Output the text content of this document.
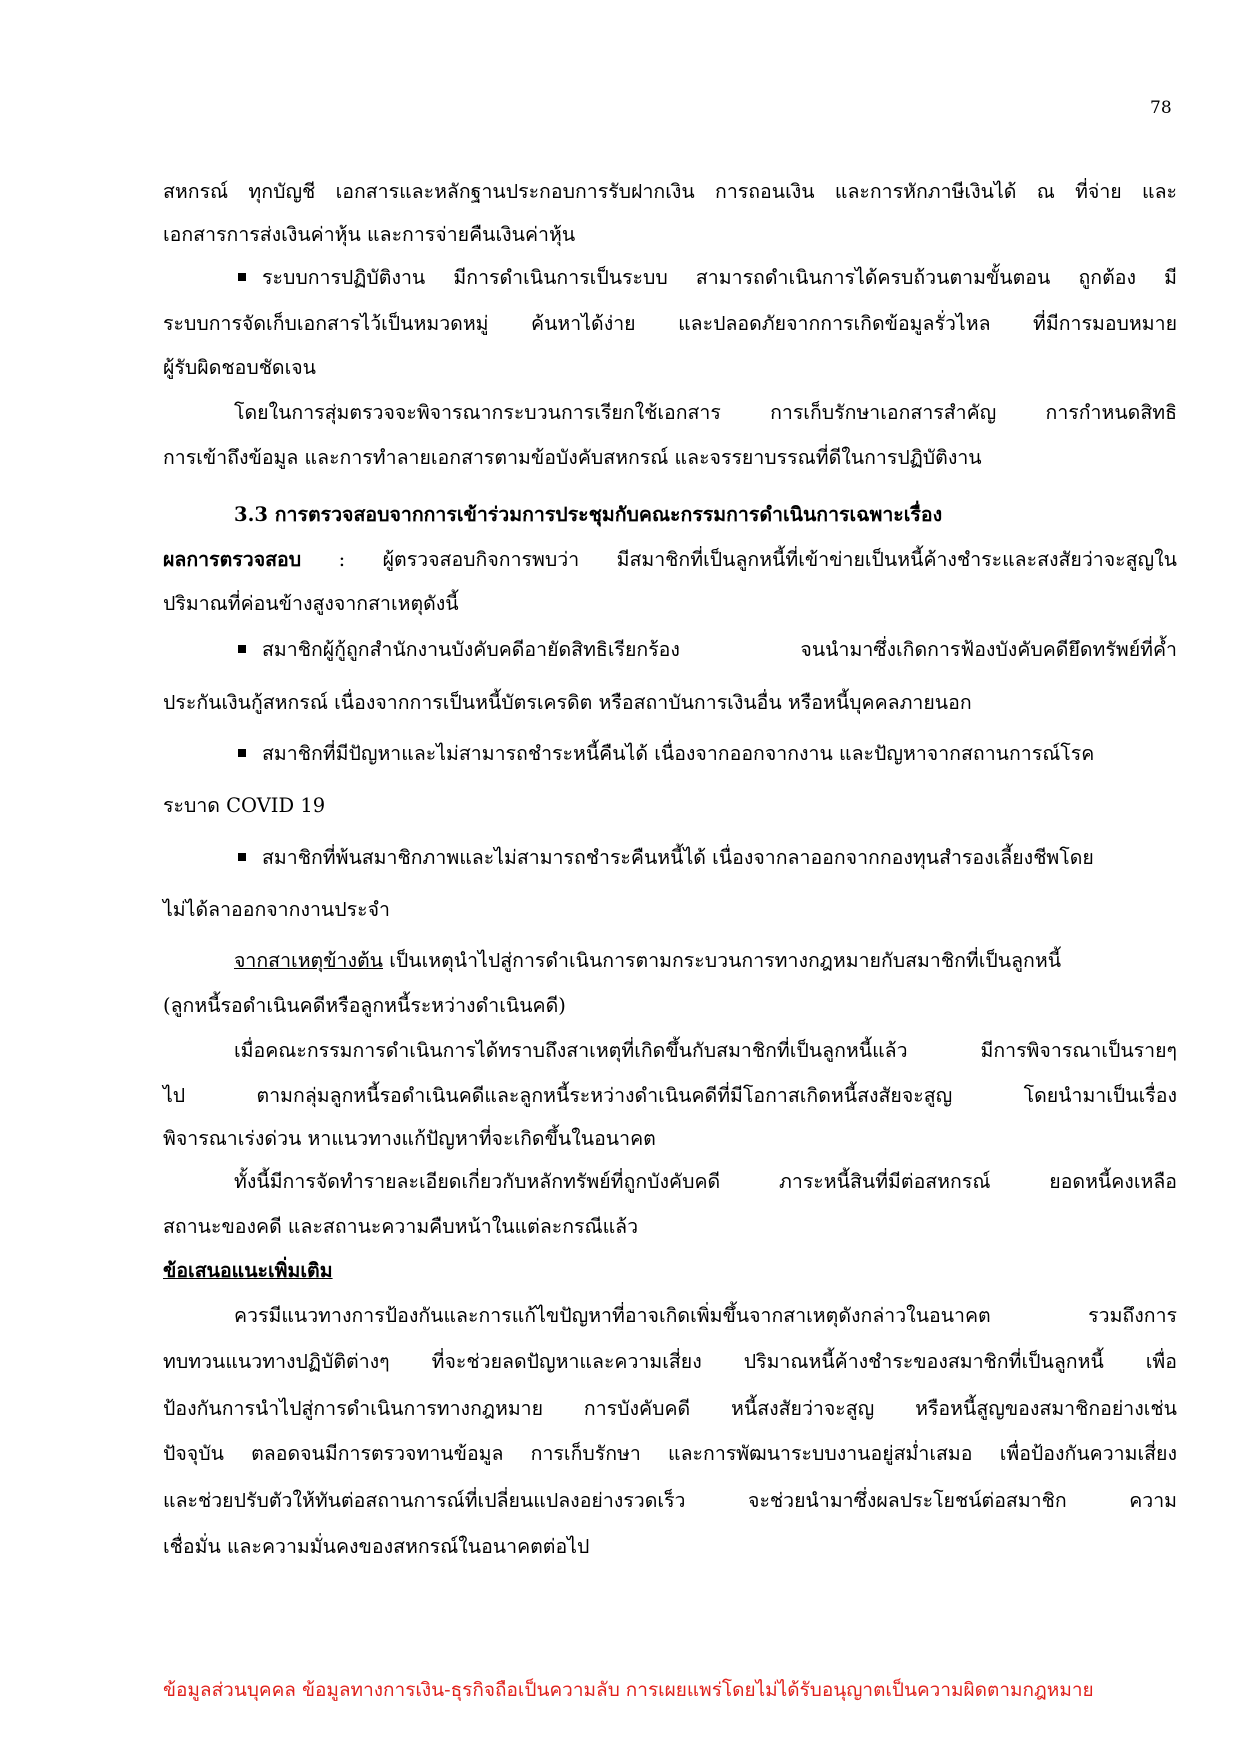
78
สหกรณ์ ทุกบัญชี เอกสารและหลักฐานประกอบการรับฝากเงิน การถอนเงิน และการหักภาษีเงินได้ ณ ที่จ่าย และ
เอกสารการส่งเงินค่าหุ้น และการจ่ายคืนเงินค่าหุ้น
ระบบการปฏิบัติงาน มีการดำเนินการเป็นระบบ สามารถดำเนินการได้ครบถ้วนตามขั้นตอน ถูกต้อง มี
ระบบการจัดเก็บเอกสารไว้เป็นหมวดหมู่ ค้นหาได้ง่าย และปลอดภัยจากการเกิดข้อมูลรั่วไหล ที่มีการมอบหมาย
ผู้รับผิดชอบชัดเจน
โดยในการสุ่มตรวจจะพิจารณากระบวนการเรียกใช้เอกสาร การเก็บรักษาเอกสารสำคัญ การกำหนดสิทธิ
การเข้าถึงข้อมูล และการทำลายเอกสารตามข้อบังคับสหกรณ์ และจรรยาบรรณที่ดีในการปฏิบัติงาน
3.3 การตรวจสอบจากการเข้าร่วมการประชุมกับคณะกรรมการดำเนินการเฉพาะเรื่อง
ผลการตรวจสอบ : ผู้ตรวจสอบกิจการพบว่า มีสมาชิกที่เป็นลูกหนี้ที่เข้าข่ายเป็นหนี้ค้างชำระและสงสัยว่าจะสูญใน
ปริมาณที่ค่อนข้างสูงจากสาเหตุดังนี้
สมาชิกผู้กู้ถูกสำนักงานบังคับคดีอายัดสิทธิเรียกร้อง จนนำมาซึ่งเกิดการฟ้องบังคับคดียึดทรัพย์ที่ค้ำ
ประกันเงินกู้สหกรณ์ เนื่องจากการเป็นหนี้บัตรเครดิต หรือสถาบันการเงินอื่น หรือหนี้บุคคลภายนอก
สมาชิกที่มีปัญหาและไม่สามารถชำระหนี้คืนได้ เนื่องจากออกจากงาน และปัญหาจากสถานการณ์โรค
ระบาด COVID 19
สมาชิกที่พ้นสมาชิกภาพและไม่สามารถชำระคืนหนี้ได้ เนื่องจากลาออกจากกองทุนสำรองเลี้ยงชีพโดย
ไม่ได้ลาออกจากงานประจำ
จากสาเหตุข้างต้น เป็นเหตุนำไปสู่การดำเนินการตามกระบวนการทางกฎหมายกับสมาชิกที่เป็นลูกหนี้
(ลูกหนี้รอดำเนินคดีหรือลูกหนี้ระหว่างดำเนินคดี)
เมื่อคณะกรรมการดำเนินการได้ทราบถึงสาเหตุที่เกิดขึ้นกับสมาชิกที่เป็นลูกหนี้แล้ว มีการพิจารณาเป็นรายๆ
ไป ตามกลุ่มลูกหนี้รอดำเนินคดีและลูกหนี้ระหว่างดำเนินคดีที่มีโอกาสเกิดหนี้สงสัยจะสูญ โดยนำมาเป็นเรื่อง
พิจารณาเร่งด่วน หาแนวทางแก้ปัญหาที่จะเกิดขึ้นในอนาคต
ทั้งนี้มีการจัดทำรายละเอียดเกี่ยวกับหลักทรัพย์ที่ถูกบังคับคดี ภาระหนี้สินที่มีต่อสหกรณ์ ยอดหนี้คงเหลือ
สถานะของคดี และสถานะความคืบหน้าในแต่ละกรณีแล้ว
ข้อเสนอแนะเพิ่มเติม
ควรมีแนวทางการป้องกันและการแก้ไขปัญหาที่อาจเกิดเพิ่มขึ้นจากสาเหตุดังกล่าวในอนาคต รวมถึงการ
ทบทวนแนวทางปฏิบัติต่างๆ ที่จะช่วยลดปัญหาและความเสี่ยง ปริมาณหนี้ค้างชำระของสมาชิกที่เป็นลูกหนี้ เพื่อ
ป้องกันการนำไปสู่การดำเนินการทางกฎหมาย การบังคับคดี หนี้สงสัยว่าจะสูญ หรือหนี้สูญของสมาชิกอย่างเช่น
ปัจจุบัน ตลอดจนมีการตรวจทานข้อมูล การเก็บรักษา และการพัฒนาระบบงานอยู่สม่ำเสมอ เพื่อป้องกันความเสี่ยง
และช่วยปรับตัวให้ทันต่อสถานการณ์ที่เปลี่ยนแปลงอย่างรวดเร็ว จะช่วยนำมาซึ่งผลประโยชน์ต่อสมาชิก ความ
เชื่อมั่น และความมั่นคงของสหกรณ์ในอนาคตต่อไป
ข้อมูลส่วนบุคคล ข้อมูลทางการเงิน-ธุรกิจถือเป็นความลับ การเผยแพร่โดยไม่ได้รับอนุญาตเป็นความผิดตามกฎหมาย
